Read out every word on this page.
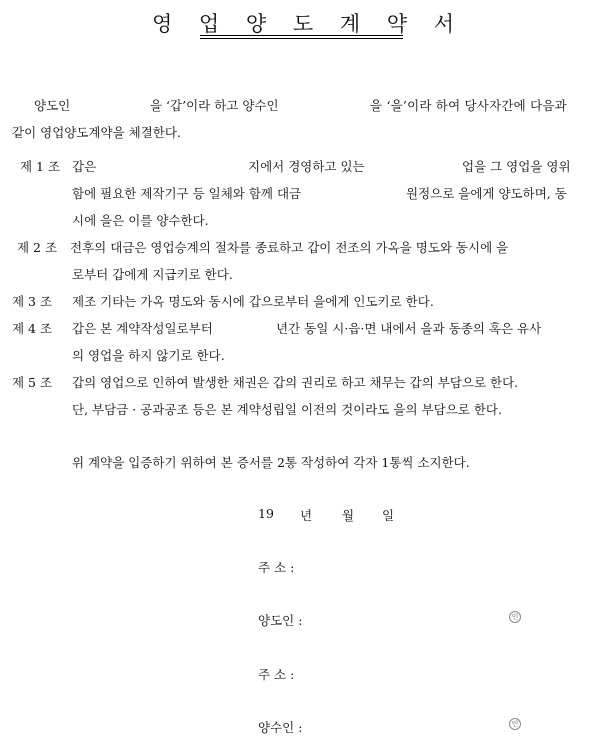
영 업 양 도 계 약 서
양도인	을 ‘갑’이라 하고 양수인	을 ‘을’이라 하여 당사자간에 다음과
같이 영업양도계약을 체결한다.
제 1 조 갑은	지에서 경영하고 있는	업을 그 영업을 영위
함에 필요한 제작기구 등 일체와 함께 대금	원정으로 을에게 양도하며, 동
시에 을은 이를 양수한다.
제 2 조 전후의 대금은 영업승계의 절차를 종료하고 갑이 전조의 가옥을 명도와 동시에 을
로부터 갑에게 지급키로 한다.
제 3 조 제조 기타는 가옥 명도와 동시에 갑으로부터 을에게 인도키로 한다.
제 4 조 갑은 본 계약작성일로부터	년간 동일 시·읍·면 내에서 을과 동종의 혹은 유사
의 영업을 하지 않기로 한다.
제 5 조 갑의 영업으로 인하여 발생한 채권은 갑의 권리로 하고 채무는 갑의 부담으로 한다.
단, 부담금 · 공과공조 등은 본 계약성립일 이전의 것이라도 을의 부담으로 한다.
위 계약을 입증하기 위하여 본 증서를 2통 작성하여 각자 1통씩 소지한다.
19 년 월 일
주 소 :
양도인 :	인
주 소 :
양수인 :	인
